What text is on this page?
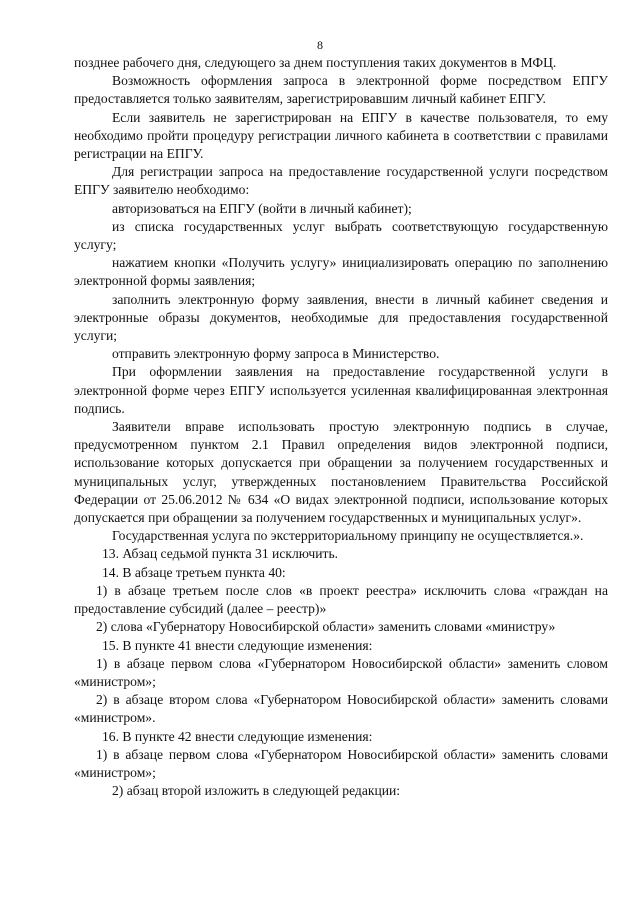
8

позднее рабочего дня, следующего за днем поступления таких документов в МФЦ.

Возможность оформления запроса в электронной форме посредством ЕПГУ предоставляется только заявителям, зарегистрировавшим личный кабинет ЕПГУ.

Если заявитель не зарегистрирован на ЕПГУ в качестве пользователя, то ему необходимо пройти процедуру регистрации личного кабинета в соответствии с правилами регистрации на ЕПГУ.

Для регистрации запроса на предоставление государственной услуги посредством ЕПГУ заявителю необходимо:

авторизоваться на ЕПГУ (войти в личный кабинет);

из списка государственных услуг выбрать соответствующую государственную услугу;

нажатием кнопки «Получить услугу» инициализировать операцию по заполнению электронной формы заявления;

заполнить электронную форму заявления, внести в личный кабинет сведения и электронные образы документов, необходимые для предоставления государственной услуги;

отправить электронную форму запроса в Министерство.

При оформлении заявления на предоставление государственной услуги в электронной форме через ЕПГУ используется усиленная квалифицированная электронная подпись.

Заявители вправе использовать простую электронную подпись в случае, предусмотренном пунктом 2.1 Правил определения видов электронной подписи, использование которых допускается при обращении за получением государственных и муниципальных услуг, утвержденных постановлением Правительства Российской Федерации от 25.06.2012 № 634 «О видах электронной подписи, использование которых допускается при обращении за получением государственных и муниципальных услуг».

Государственная услуга по экстерриториальному принципу не осуществляется.».

13. Абзац седьмой пункта 31 исключить.

14. В абзаце третьем пункта 40:

1) в абзаце третьем после слов «в проект реестра» исключить слова «граждан на предоставление субсидий (далее – реестр)»

2) слова «Губернатору Новосибирской области» заменить словами «министру»

15. В пункте 41 внести следующие изменения:

1) в абзаце первом слова «Губернатором Новосибирской области» заменить словом «министром»;

2) в абзаце втором слова «Губернатором Новосибирской области» заменить словами «министром».

16. В пункте 42 внести следующие изменения:

1) в абзаце первом слова «Губернатором Новосибирской области» заменить словами «министром»;

2) абзац второй изложить в следующей редакции:
